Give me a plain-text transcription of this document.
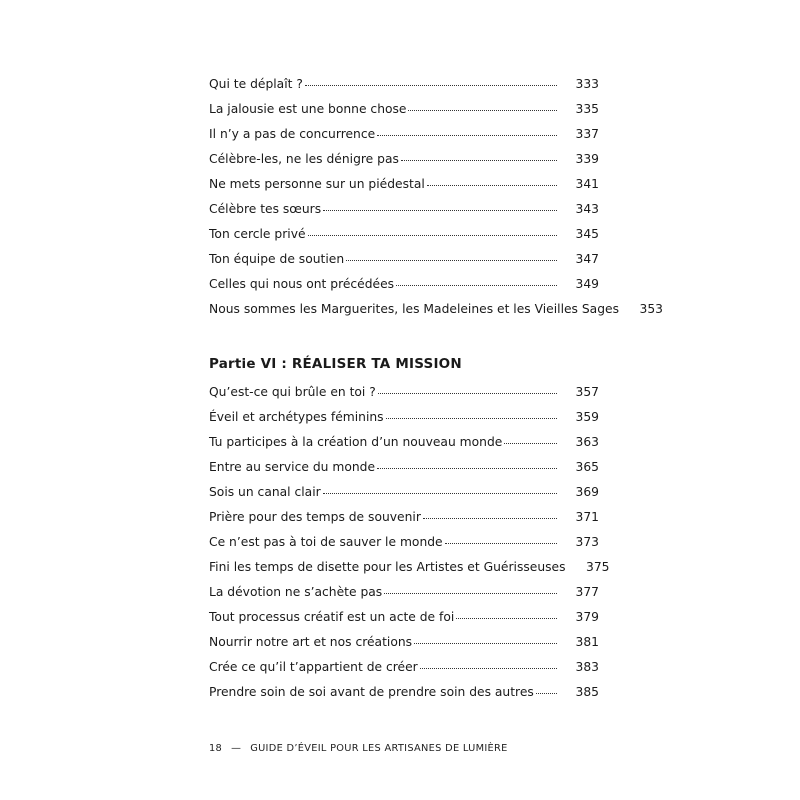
Qui te déplaît ?	333
La jalousie est une bonne chose	335
Il n’y a pas de concurrence	337
Célèbre-les, ne les dénigre pas	339
Ne mets personne sur un piédestal	341
Célèbre tes sœurs	343
Ton cercle privé	345
Ton équipe de soutien	347
Celles qui nous ont précédées	349
Nous sommes les Marguerites, les Madeleines et les Vieilles Sages	353
Partie VI : RÉALISER TA MISSION
Qu’est-ce qui brûle en toi ?	357
Éveil et archétypes féminins	359
Tu participes à la création d’un nouveau monde	363
Entre au service du monde	365
Sois un canal clair	369
Prière pour des temps de souvenir	371
Ce n’est pas à toi de sauver le monde	373
Fini les temps de disette pour les Artistes et Guérisseuses	375
La dévotion ne s’achète pas	377
Tout processus créatif est un acte de foi	379
Nourrir notre art et nos créations	381
Crée ce qu’il t’appartient de créer	383
Prendre soin de soi avant de prendre soin des autres	385
18 — GUIDE D’ÉVEIL POUR LES ARTISANES DE LUMIÈRE
